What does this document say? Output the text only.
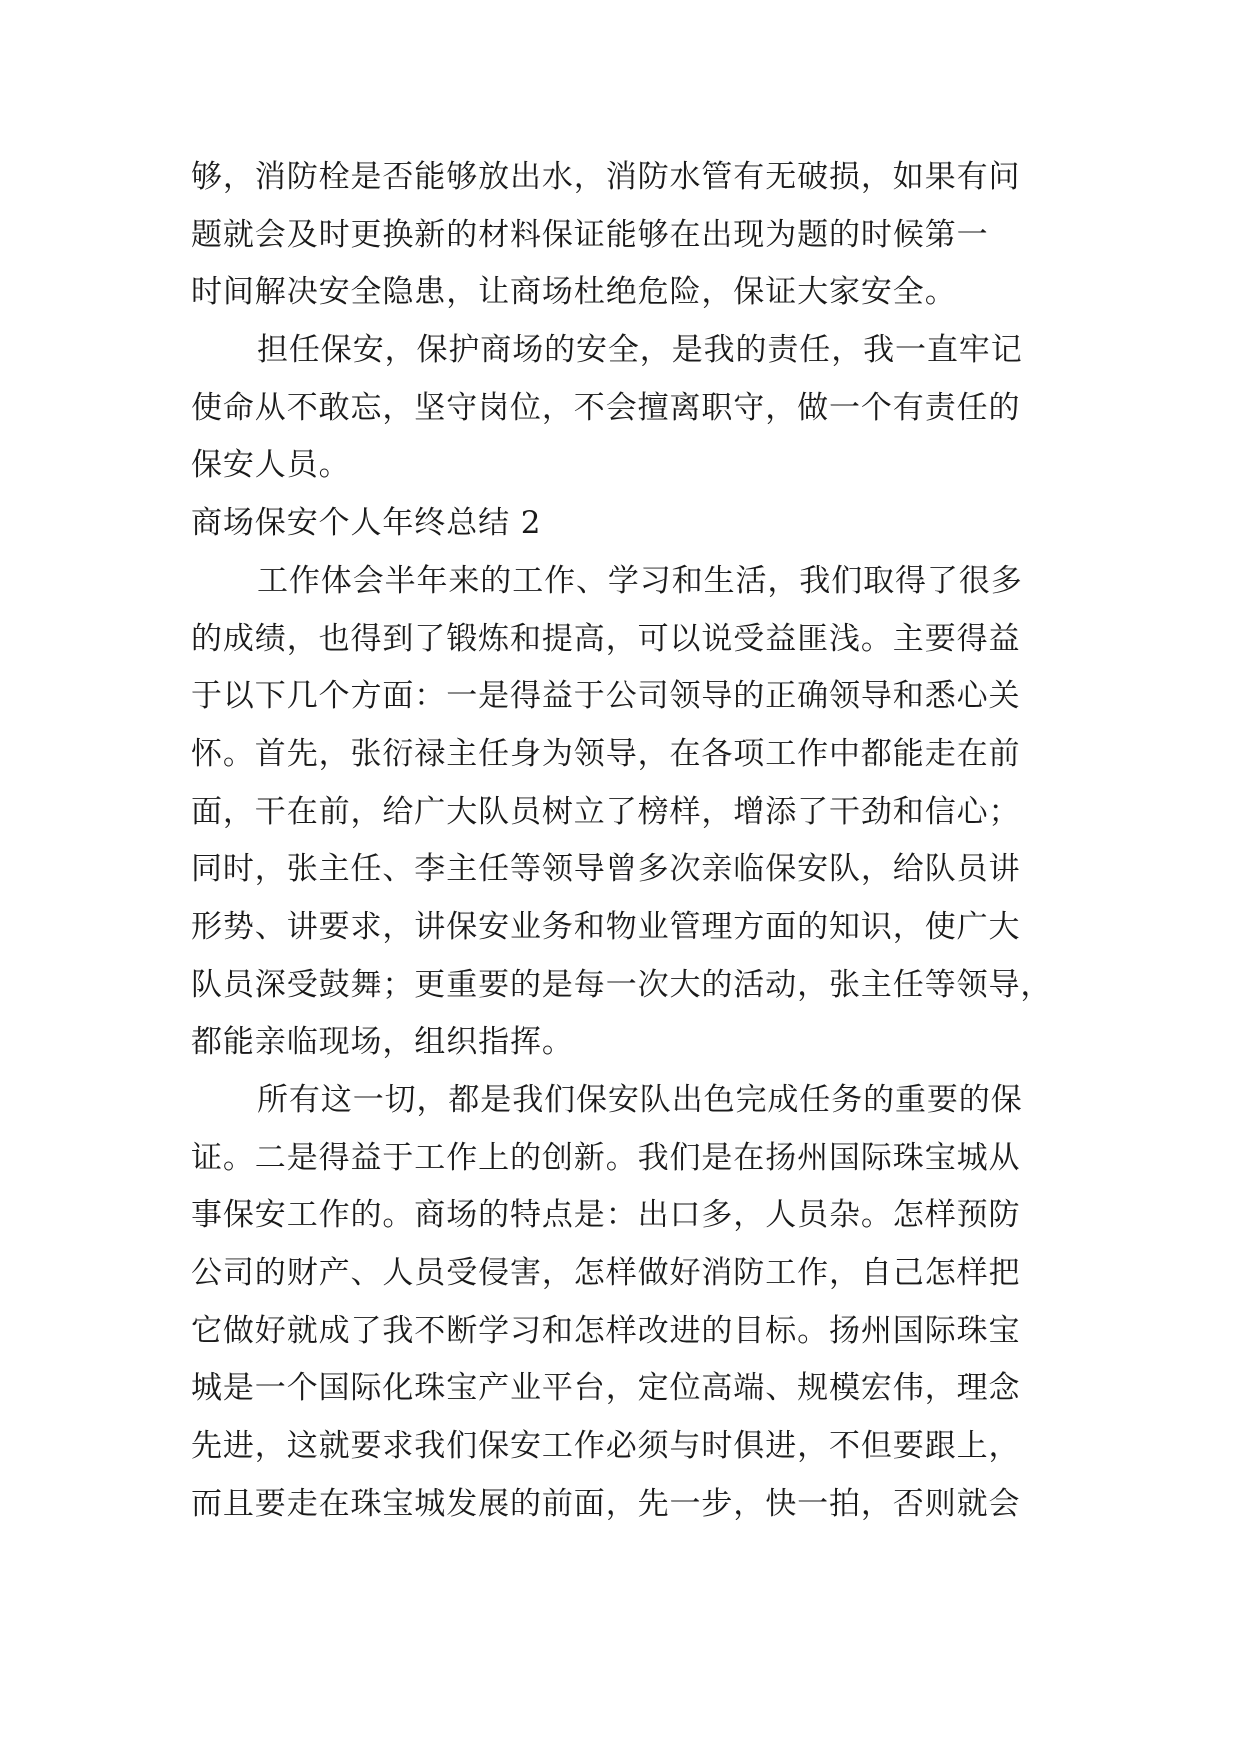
够，消防栓是否能够放出水，消防水管有无破损，如果有问
题就会及时更换新的材料保证能够在出现为题的时候第一
时间解决安全隐患，让商场杜绝危险，保证大家安全。
担任保安，保护商场的安全，是我的责任，我一直牢记
使命从不敢忘，坚守岗位，不会擅离职守，做一个有责任的
保安人员。
商场保安个人年终总结 2
工作体会半年来的工作、学习和生活，我们取得了很多
的成绩，也得到了锻炼和提高，可以说受益匪浅。主要得益
于以下几个方面：一是得益于公司领导的正确领导和悉心关
怀。首先，张衍禄主任身为领导，在各项工作中都能走在前
面，干在前，给广大队员树立了榜样，增添了干劲和信心；
同时，张主任、李主任等领导曾多次亲临保安队，给队员讲
形势、讲要求，讲保安业务和物业管理方面的知识，使广大
队员深受鼓舞；更重要的是每一次大的活动，张主任等领导，
都能亲临现场，组织指挥。
所有这一切，都是我们保安队出色完成任务的重要的保
证。二是得益于工作上的创新。我们是在扬州国际珠宝城从
事保安工作的。商场的特点是：出口多，人员杂。怎样预防
公司的财产、人员受侵害，怎样做好消防工作，自己怎样把
它做好就成了我不断学习和怎样改进的目标。扬州国际珠宝
城是一个国际化珠宝产业平台，定位高端、规模宏伟，理念
先进，这就要求我们保安工作必须与时俱进，不但要跟上，
而且要走在珠宝城发展的前面，先一步，快一拍，否则就会
